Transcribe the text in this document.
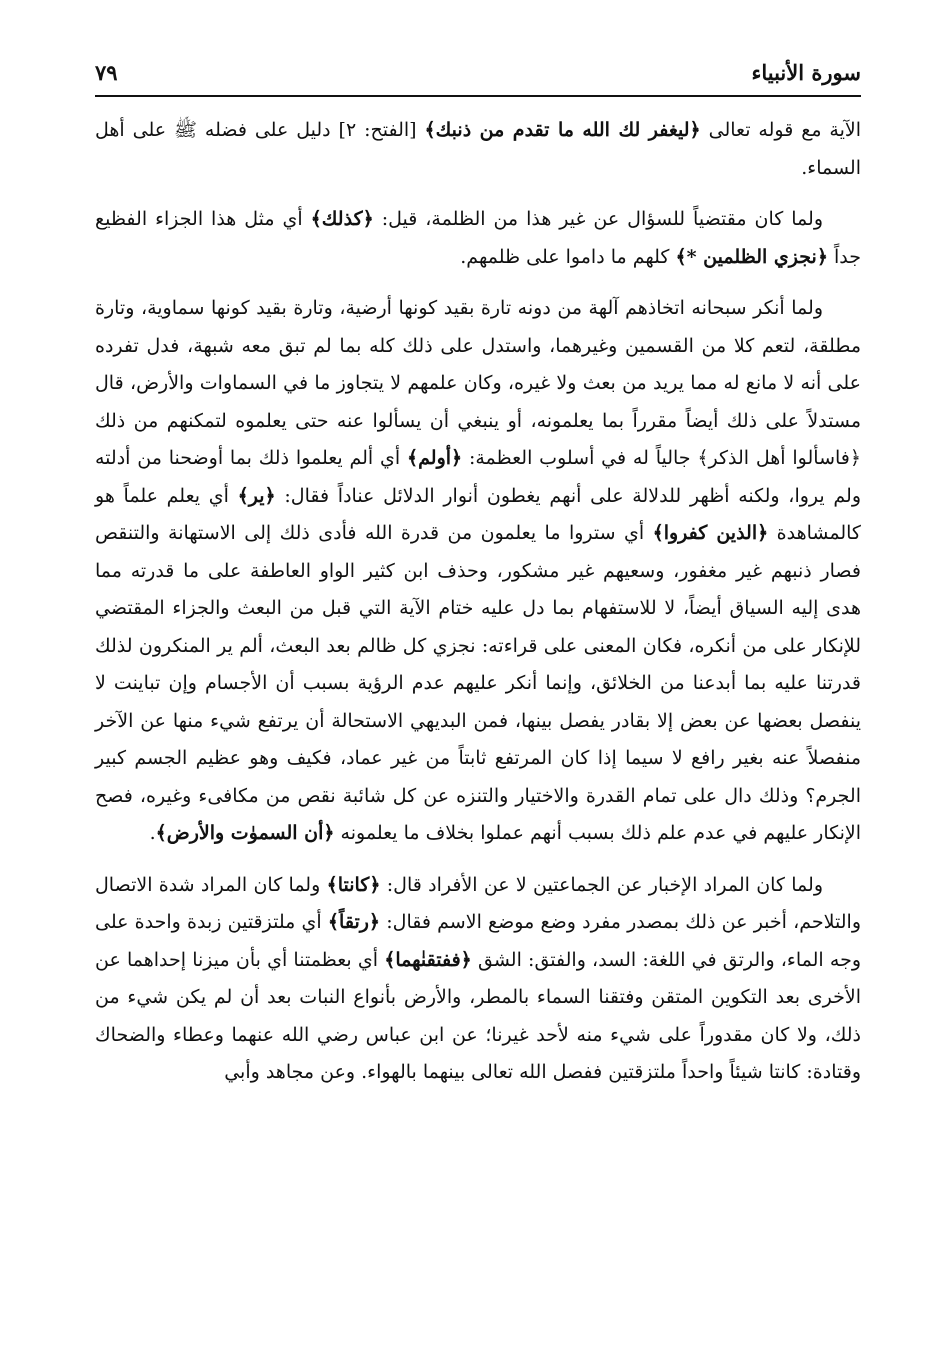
سورة الأنبياء
٧٩

الآية مع قوله تعالى ﴿ليغفر لك الله ما تقدم من ذنبك﴾ [الفتح: ٢] دليل على فضله ﷺ على أهل السماء.

ولما كان مقتضياً للسؤال عن غير هذا من الظلمة، قيل: ﴿كذلك﴾ أي مثل هذا الجزاء الفظيع جداً ﴿نجزي الظلمين *﴾ كلهم ما داموا على ظلمهم.

ولما أنكر سبحانه اتخاذهم آلهة من دونه تارة بقيد كونها أرضية، وتارة بقيد كونها سماوية، وتارة مطلقة، لتعم كلا من القسمين وغيرهما، واستدل على ذلك كله بما لم تبق معه شبهة، فدل تفرده على أنه لا مانع له مما يريد من بعث ولا غيره، وكان علمهم لا يتجاوز ما في السماوات والأرض، قال مستدلاً على ذلك أيضاً مقرراً بما يعلمونه، أو ينبغي أن يسألوا عنه حتى يعلموه لتمكنهم من ذلك ﴿فاسألوا أهل الذكر﴾ جالياً له في أسلوب العظمة: ﴿أولم﴾ أي ألم يعلموا ذلك بما أوضحنا من أدلته ولم يروا، ولكنه أظهر للدلالة على أنهم يغطون أنوار الدلائل عناداً فقال: ﴿ير﴾ أي يعلم علماً هو كالمشاهدة ﴿الذين كفروا﴾ أي ستروا ما يعلمون من قدرة الله فأدى ذلك إلى الاستهانة والتنقص فصار ذنبهم غير مغفور، وسعيهم غير مشكور، وحذف ابن كثير الواو العاطفة على ما قدرته مما هدى إليه السياق أيضاً، لا للاستفهام بما دل عليه ختام الآية التي قبل من البعث والجزاء المقتضي للإنكار على من أنكره، فكان المعنى على قراءته: نجزي كل ظالم بعد البعث، ألم ير المنكرون لذلك قدرتنا عليه بما أبدعنا من الخلائق، وإنما أنكر عليهم عدم الرؤية بسبب أن الأجسام وإن تباينت لا ينفصل بعضها عن بعض إلا بقادر يفصل بينها، فمن البديهي الاستحالة أن يرتفع شيء منها عن الآخر منفصلاً عنه بغير رافع لا سيما إذا كان المرتفع ثابتاً من غير عماد، فكيف وهو عظيم الجسم كبير الجرم؟ وذلك دال على تمام القدرة والاختيار والتنزه عن كل شائبة نقص من مكافىء وغيره، فصح الإنكار عليهم في عدم علم ذلك بسبب أنهم عملوا بخلاف ما يعلمونه ﴿أن السموٰت والأرض﴾.

ولما كان المراد الإخبار عن الجماعتين لا عن الأفراد قال: ﴿كانتا﴾ ولما كان المراد شدة الاتصال والتلاحم، أخبر عن ذلك بمصدر مفرد وضع موضع الاسم فقال: ﴿رتقاً﴾ أي ملتزقتين زبدة واحدة على وجه الماء، والرتق في اللغة: السد، والفتق: الشق ﴿ففتقنٰهما﴾ أي بعظمتنا أي بأن ميزنا إحداهما عن الأخرى بعد التكوين المتقن وفتقنا السماء بالمطر، والأرض بأنواع النبات بعد أن لم يكن شيء من ذلك، ولا كان مقدوراً على شيء منه لأحد غيرنا؛ عن ابن عباس رضي الله عنهما وعطاء والضحاك وقتادة: كانتا شيئاً واحداً ملتزقتين ففصل الله تعالى بينهما بالهواء. وعن مجاهد وأبي
